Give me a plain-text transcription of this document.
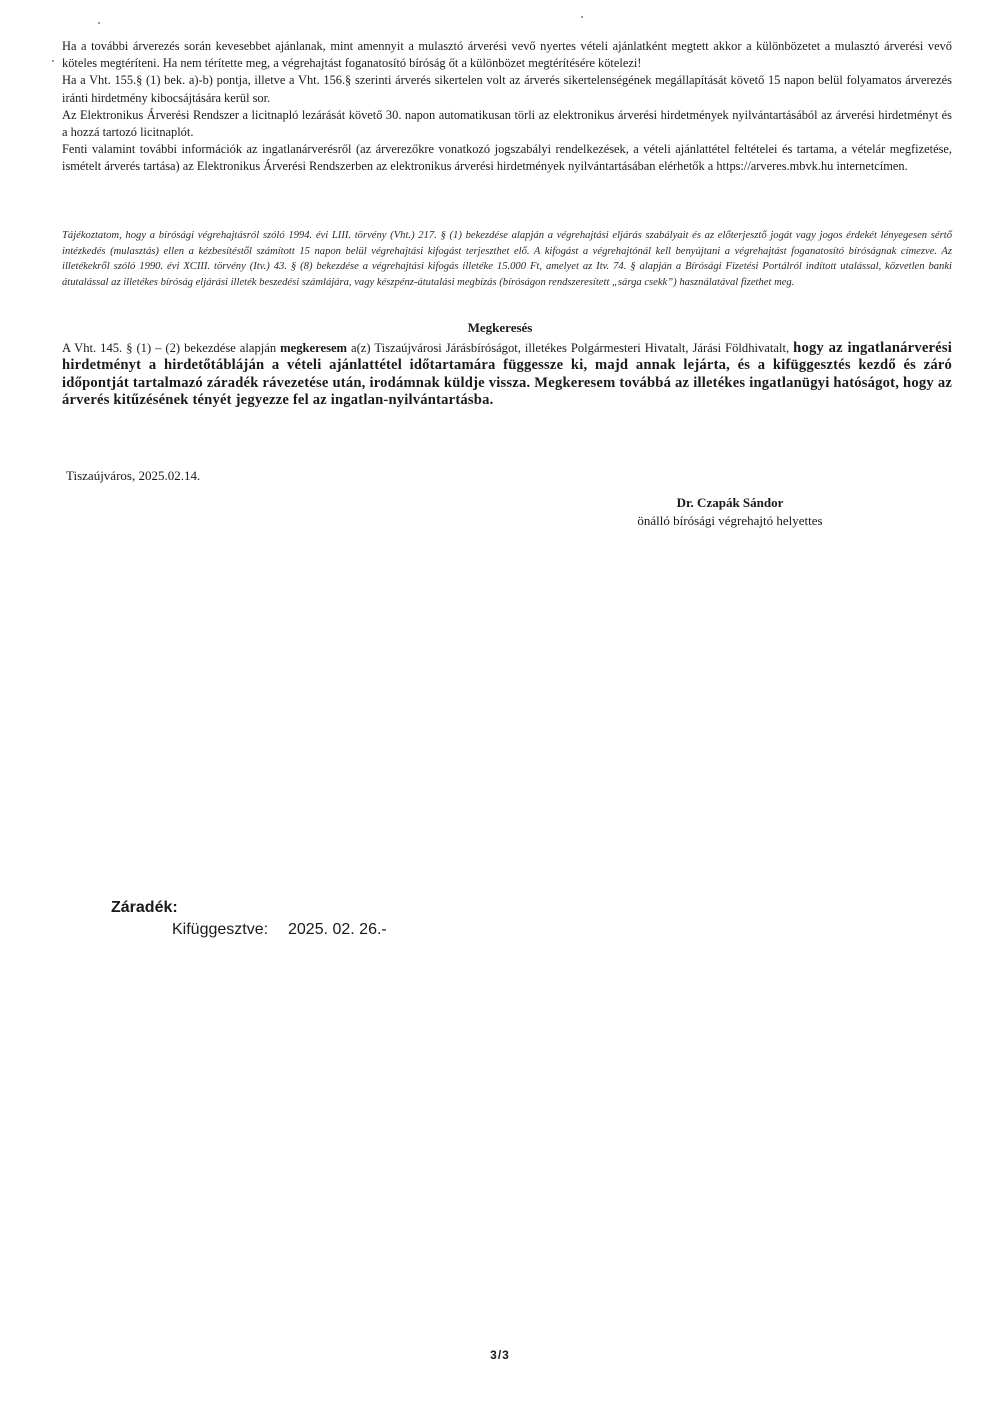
Ha a további árverezés során kevesebbet ajánlanak, mint amennyit a mulasztó árverési vevő nyertes vételi ajánlatként megtett akkor a különbözetet a mulasztó árverési vevő köteles megtéríteni. Ha nem térítette meg, a végrehajtást foganatosító bíróság őt a különbözet megtérítésére kötelezi!

Ha a Vht. 155.§ (1) bek. a)-b) pontja, illetve a Vht. 156.§ szerinti árverés sikertelen volt az árverés sikertelenségének megállapítását követő 15 napon belül folyamatos árverezés iránti hirdetmény kibocsájtására kerül sor.

Az Elektronikus Árverési Rendszer a licitnapló lezárását követő 30. napon automatikusan törli az elektronikus árverési hirdetmények nyilvántartásából az árverési hirdetményt és a hozzá tartozó licitnaplót.

Fenti valamint további információk az ingatlanárverésről (az árverezőkre vonatkozó jogszabályi rendelkezések, a vételi ajánlattétel feltételei és tartama, a vételár megfizetése, ismételt árverés tartása) az Elektronikus Árverési Rendszerben az elektronikus árverési hirdetmények nyilvántartásában elérhetők a https://arveres.mbvk.hu internetcímen.

Tájékoztatom, hogy a bírósági végrehajtásról szóló 1994. évi LIII. törvény (Vht.) 217. § (1) bekezdése alapján a végrehajtási eljárás szabályait és az előterjesztő jogát vagy jogos érdekét lényegesen sértő intézkedés (mulasztás) ellen a kézbesítéstől számított 15 napon belül végrehajtási kifogást terjeszthet elő. A kifogást a végrehajtónál kell benyújtani a végrehajtást foganatosító bíróságnak címezve. Az illetékekről szóló 1990. évi XCIII. törvény (Itv.) 43. § (8) bekezdése a végrehajtási kifogás illetéke 15.000 Ft, amelyet az Itv. 74. § alapján a Bírósági Fizetési Portálról indított utalással, közvetlen banki átutalással az illetékes bíróság eljárási illeték beszedési számlájára, vagy készpénz-átutalási megbízás (bíróságon rendszeresített „sárga csekk”) használatával fizethet meg.
Megkeresés
A Vht. 145. § (1) – (2) bekezdése alapján megkeresem a(z) Tiszaújvárosi Járásbíróságot, illetékes Polgármesteri Hivatalt, Járási Földhivatalt, hogy az ingatlanárverési hirdetményt a hirdetőtábláján a vételi ajánlattétel időtartamára függessze ki, majd annak lejárta, és a kifüggesztés kezdő és záró időpontját tartalmazó záradék rávezetése után, irodámnak küldje vissza. Megkeresem továbbá az illetékes ingatlanügyi hatóságot, hogy az árverés kitűzésének tényét jegyezze fel az ingatlan-nyilvántartásba.
Tiszaújváros, 2025.02.14.
Dr. Czapák Sándor
önálló bírósági végrehajtó helyettes
Záradék:
Kifüggesztve: 2025. 02. 26.-
3/3
